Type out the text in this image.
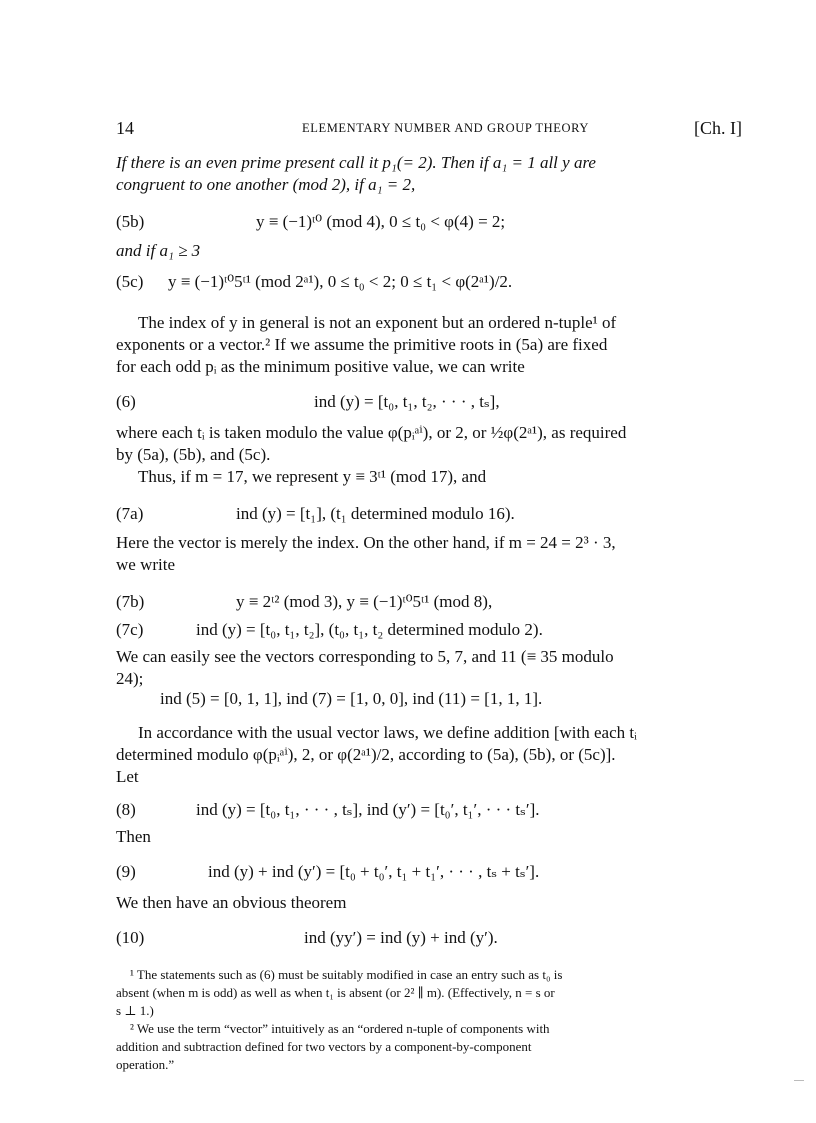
14	ELEMENTARY NUMBER AND GROUP THEORY	[Ch. I]
If there is an even prime present call it p₁(= 2). Then if a₁ = 1 all y are
congruent to one another (mod 2), if a₁ = 2,
(5b)	y ≡ (−1)ᵗ⁰ (mod 4), 0 ≤ t₀ < φ(4) = 2;
and if a₁ ≥ 3
(5c) y ≡ (−1)ᵗ⁰5ᵗ¹ (mod 2ᵃ¹), 0 ≤ t₀ < 2; 0 ≤ t₁ < φ(2ᵃ¹)/2.
The index of y in general is not an exponent but an ordered n-tuple¹ of
exponents or a vector.² If we assume the primitive roots in (5a) are fixed
for each odd pᵢ as the minimum positive value, we can write
(6)	ind (y) = [t₀, t₁, t₂, · · · , tₛ],
where each tᵢ is taken modulo the value φ(pᵢᵃⁱ), or 2, or ½φ(2ᵃ¹), as required
by (5a), (5b), and (5c).
Thus, if m = 17, we represent y ≡ 3ᵗ¹ (mod 17), and
(7a)	ind (y) = [t₁], (t₁ determined modulo 16).
Here the vector is merely the index. On the other hand, if m = 24 = 2³ · 3,
we write
(7b)	y ≡ 2ᵗ² (mod 3), y ≡ (−1)ᵗ⁰5ᵗ¹ (mod 8),
(7c)	ind (y) = [t₀, t₁, t₂], (t₀, t₁, t₂ determined modulo 2).
We can easily see the vectors corresponding to 5, 7, and 11 (≡ 35 modulo
24);
ind (5) = [0, 1, 1], ind (7) = [1, 0, 0], ind (11) = [1, 1, 1].
In accordance with the usual vector laws, we define addition [with each tᵢ
determined modulo φ(pᵢᵃⁱ), 2, or φ(2ᵃ¹)/2, according to (5a), (5b), or (5c)].
Let
(8)	ind (y) = [t₀, t₁, · · · , tₛ], ind (y′) = [t₀′, t₁′, · · · tₛ′].
Then
(9)	ind (y) + ind (y′) = [t₀ + t₀′, t₁ + t₁′, · · · , tₛ + tₛ′].
We then have an obvious theorem
(10)	ind (yy′) = ind (y) + ind (y′).
¹ The statements such as (6) must be suitably modified in case an entry such as t₀ is
absent (when m is odd) as well as when t₁ is absent (or 2² ∥ m). (Effectively, n = s or
s ⊥ 1.)
² We use the term “vector” intuitively as an “ordered n-tuple of components with
addition and subtraction defined for two vectors by a component-by-component
operation.”
